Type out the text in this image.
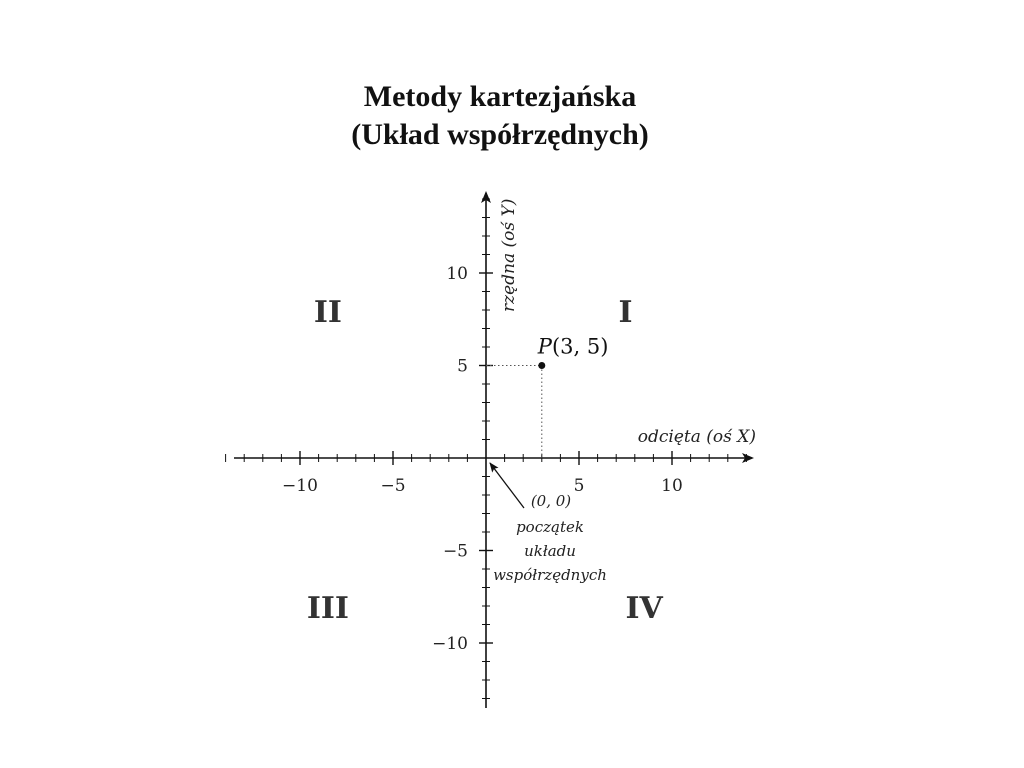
Metody kartezjańska
(Układ współrzędnych)
−10	−5	5	10
10
5
−5
−10
odcięta (oś X)
rzędna (oś Y)
I
II
III	IV
P(3, 5)
(0, 0)
początek
układu
współrzędnych
